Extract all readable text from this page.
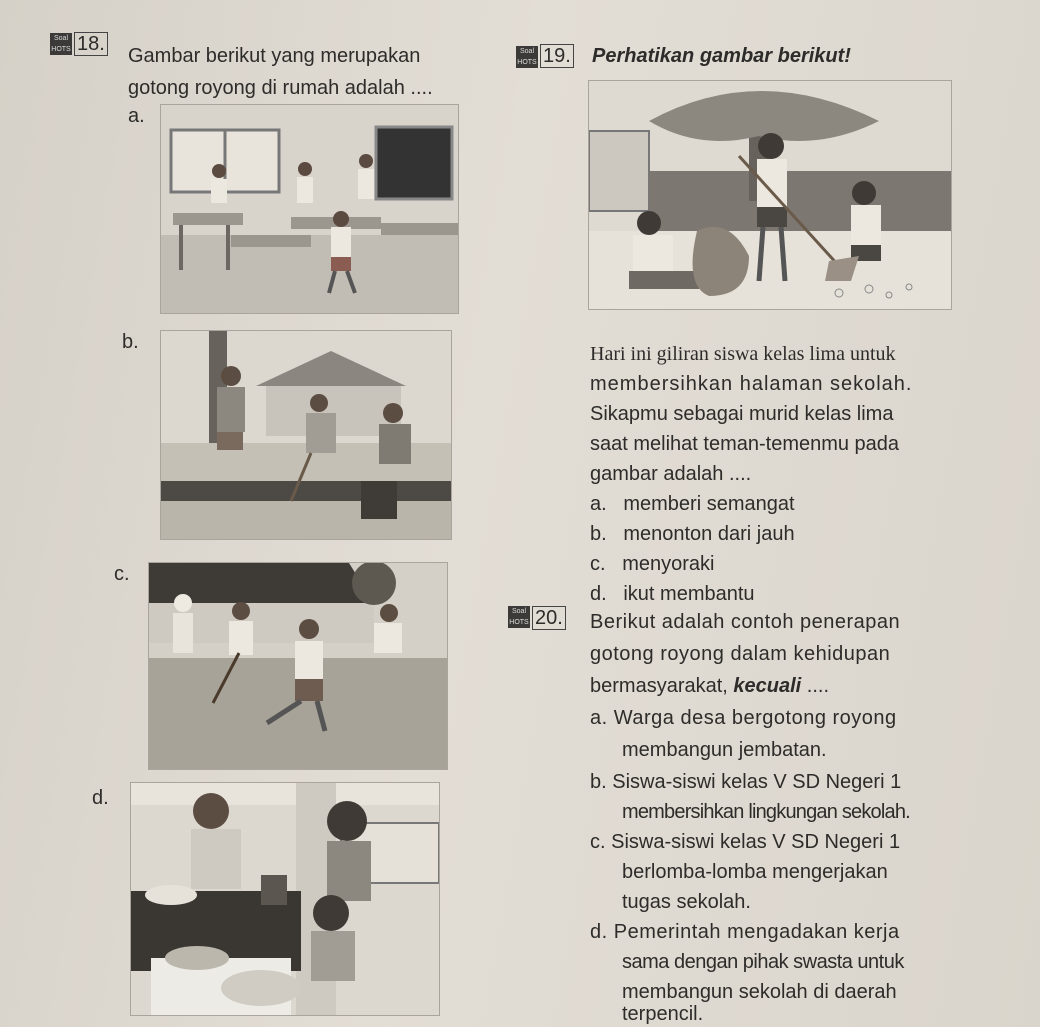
Soal HOTS 18.
Gambar berikut yang merupakan
gotong royong di rumah adalah ....
a.
b.
c.
d.
Soal HOTS 19. Perhatikan gambar berikut!
Hari ini giliran siswa kelas lima untuk
membersihkan halaman sekolah.
Sikapmu sebagai murid kelas lima
saat melihat teman-temenmu pada
gambar adalah ....
a.   memberi semangat
b.   menonton dari jauh
c.   menyoraki
d.   ikut membantu
Soal HOTS 20. Berikut adalah contoh penerapan
gotong royong dalam kehidupan
bermasyarakat, kecuali ....
a. Warga desa bergotong royong
membangun jembatan.
b. Siswa-siswi kelas V SD Negeri 1
membersihkan lingkungan sekolah.
c. Siswa-siswi kelas V SD Negeri 1
berlomba-lomba mengerjakan
tugas sekolah.
d. Pemerintah mengadakan kerja
sama dengan pihak swasta untuk
membangun sekolah di daerah
terpencil.
